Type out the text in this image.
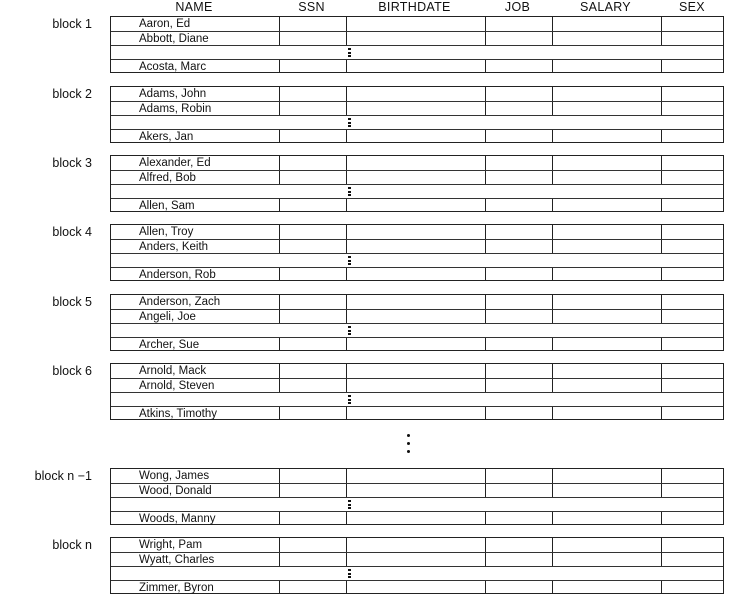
NAME	SSN	BIRTHDATE	JOB	SALARY	SEX
block 1	Aaron, Ed
Abbott, Diane
Acosta, Marc
block 2	Adams, John
Adams, Robin
Akers, Jan
block 3	Alexander, Ed
Alfred, Bob
Allen, Sam
block 4	Allen, Troy
Anders, Keith
Anderson, Rob
block 5	Anderson, Zach
Angeli, Joe
Archer, Sue
block 6	Arnold, Mack
Arnold, Steven
Atkins, Timothy
block n −1	Wong, James
Wood, Donald
Woods, Manny
block n	Wright, Pam
Wyatt, Charles
Zimmer, Byron
